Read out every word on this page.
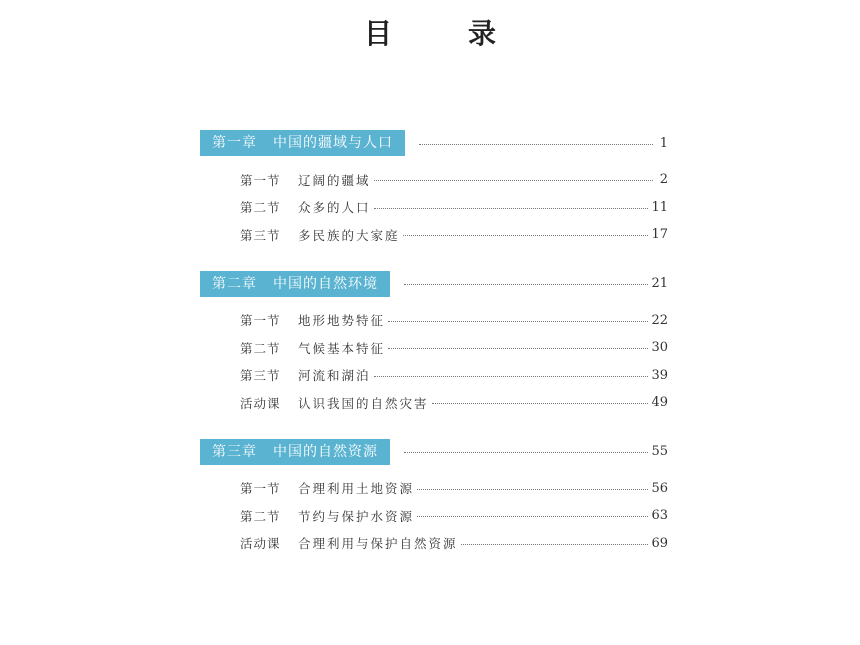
目　录
第一章 中国的疆域与人口	1
第一节	辽阔的疆域	2
第二节	众多的人口	11
第三节	多民族的大家庭	17
第二章 中国的自然环境	21
第一节	地形地势特征	22
第二节	气候基本特征	30
第三节	河流和湖泊	39
活动课	认识我国的自然灾害	49
第三章 中国的自然资源	55
第一节	合理利用土地资源	56
第二节	节约与保护水资源	63
活动课	合理利用与保护自然资源	69
